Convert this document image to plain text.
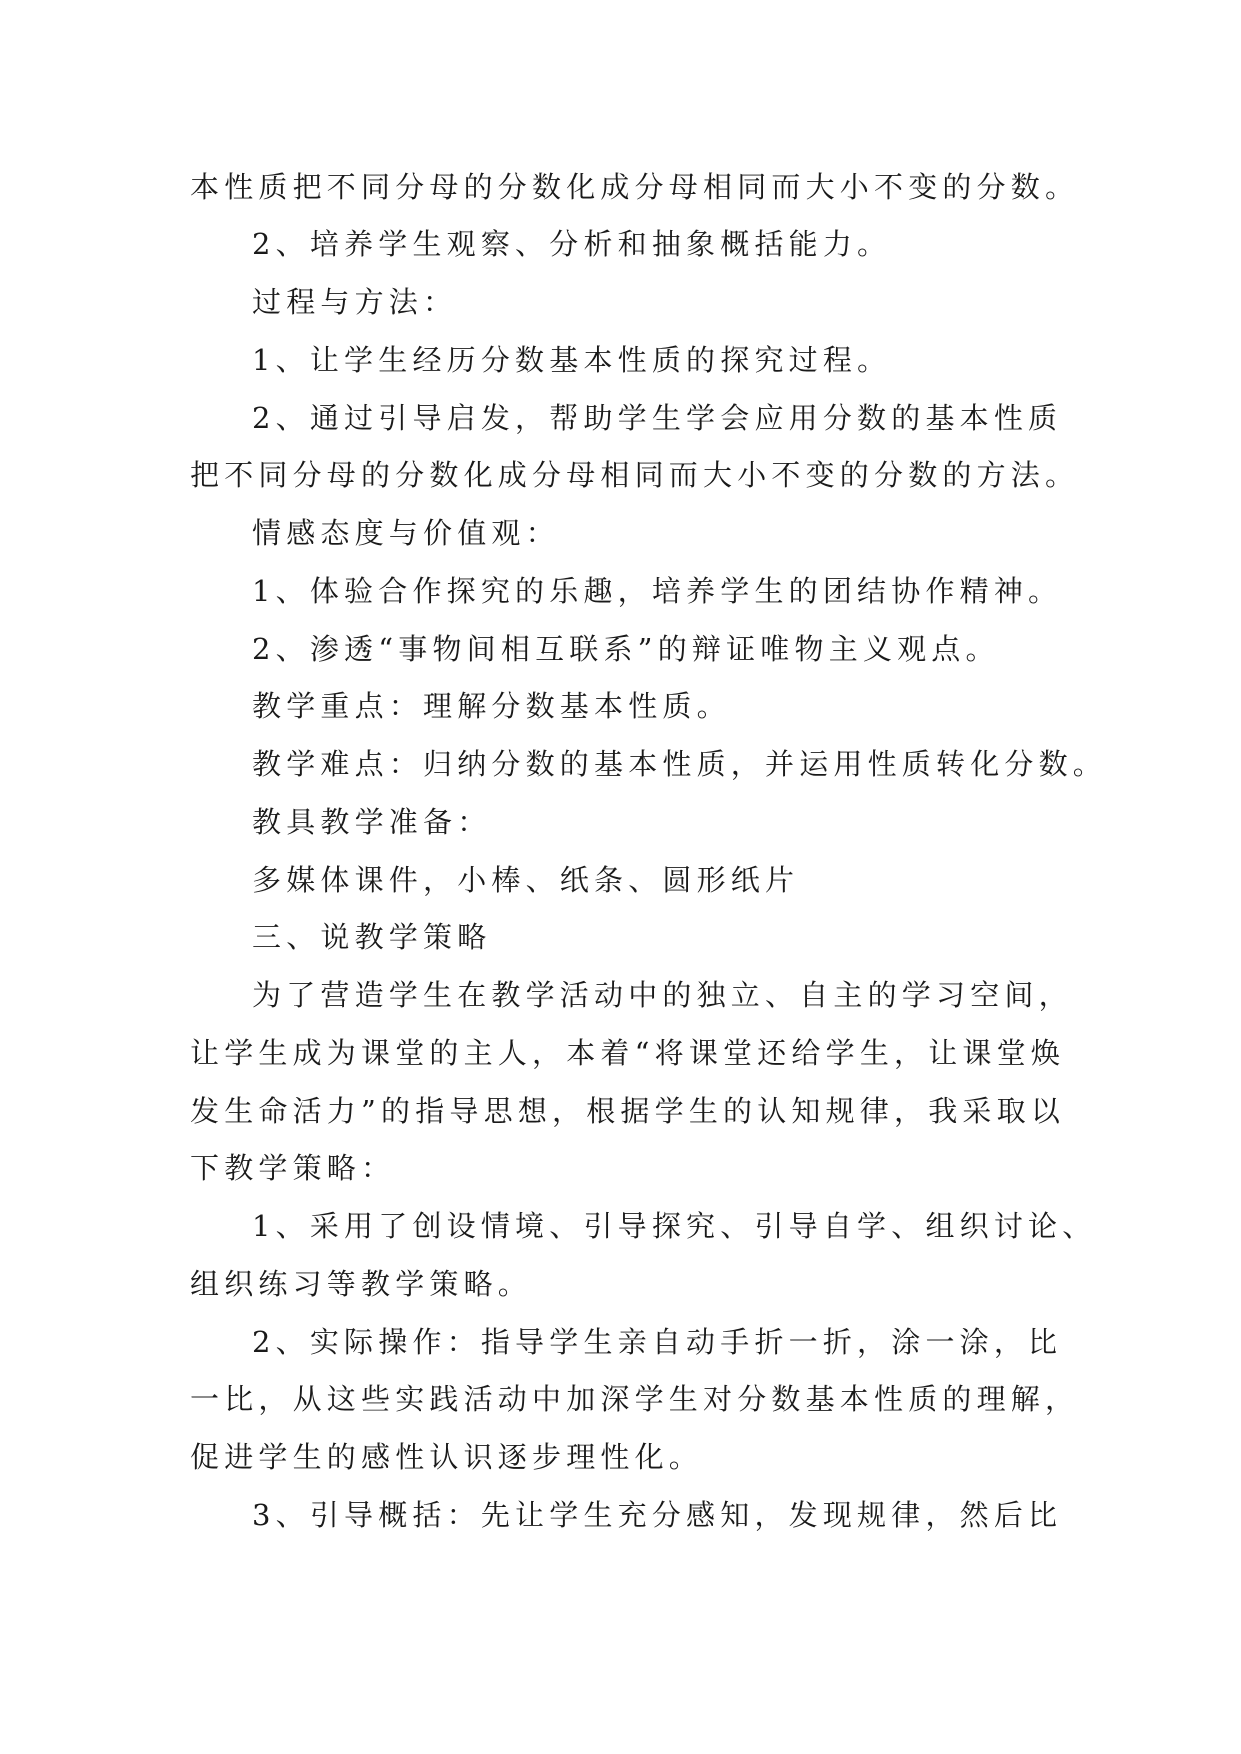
本性质把不同分母的分数化成分母相同而大小不变的分数。
2、培养学生观察、分析和抽象概括能力。
过程与方法：
1、让学生经历分数基本性质的探究过程。
2、通过引导启发，帮助学生学会应用分数的基本性质
把不同分母的分数化成分母相同而大小不变的分数的方法。
情感态度与价值观：
1、体验合作探究的乐趣，培养学生的团结协作精神。
2、渗透“事物间相互联系”的辩证唯物主义观点。
教学重点：理解分数基本性质。
教学难点：归纳分数的基本性质，并运用性质转化分数。
教具教学准备：
多媒体课件，小棒、纸条、圆形纸片
三、说教学策略
为了营造学生在教学活动中的独立、自主的学习空间，
让学生成为课堂的主人，本着“将课堂还给学生，让课堂焕
发生命活力”的指导思想，根据学生的认知规律，我采取以
下教学策略：
1、采用了创设情境、引导探究、引导自学、组织讨论、
组织练习等教学策略。
2、实际操作：指导学生亲自动手折一折，涂一涂，比
一比，从这些实践活动中加深学生对分数基本性质的理解，
促进学生的感性认识逐步理性化。
3、引导概括：先让学生充分感知，发现规律，然后比
